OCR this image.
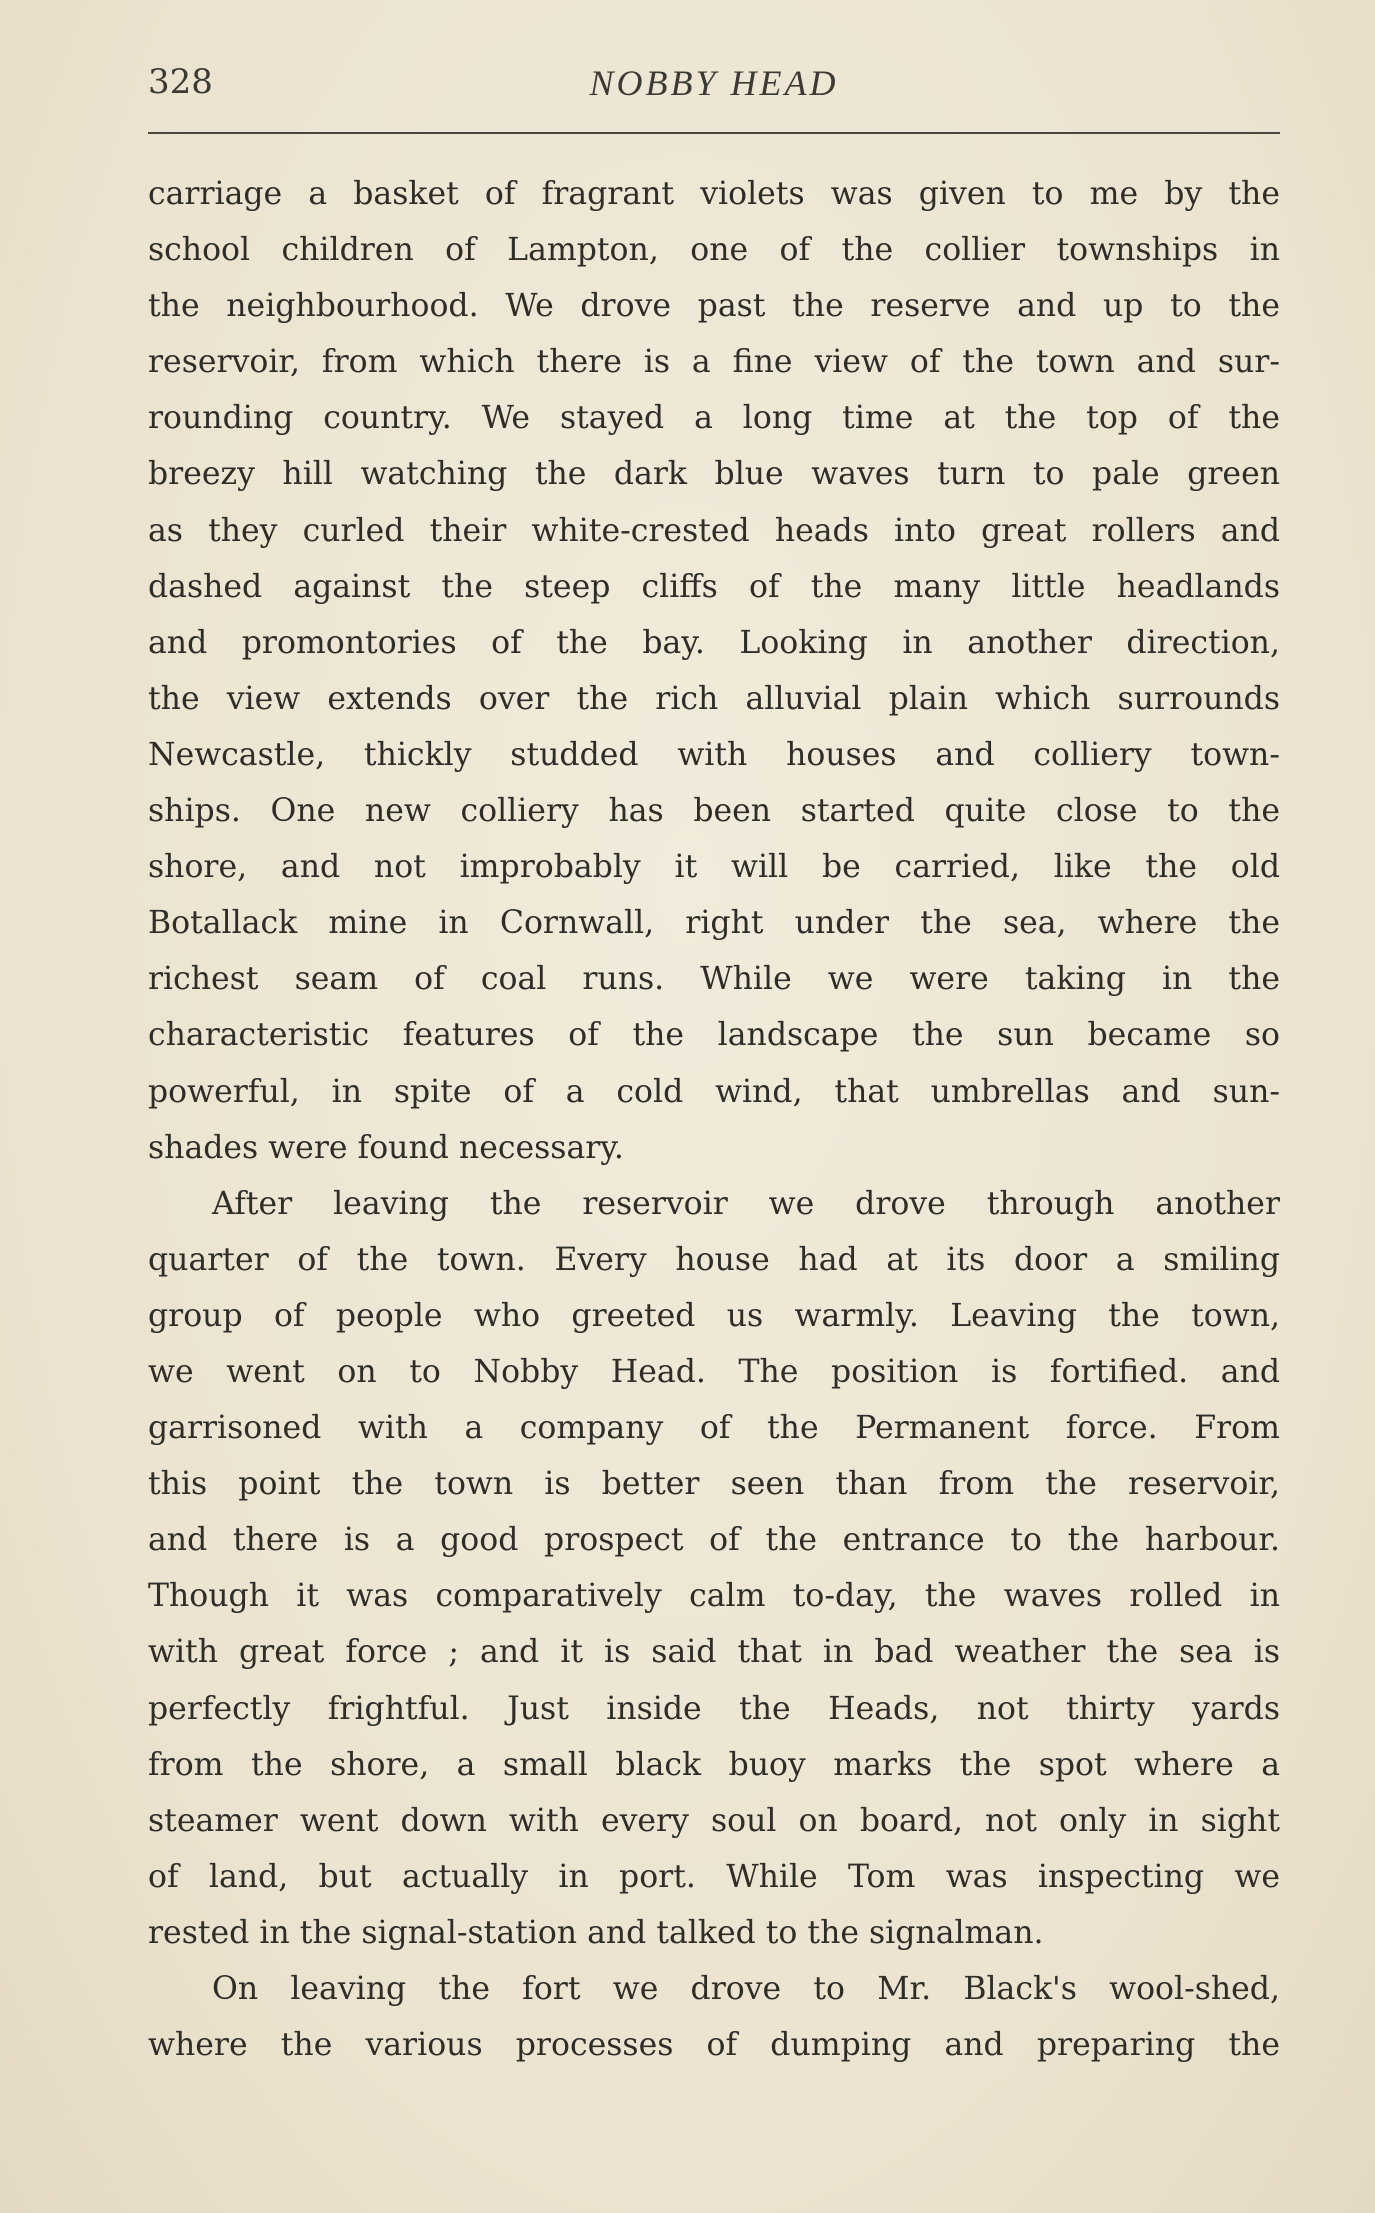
328	NOBBY HEAD
carriage a basket of fragrant violets was given to me by the
school children of Lampton, one of the collier townships in
the neighbourhood. We drove past the reserve and up to the
reservoir, from which there is a fine view of the town and sur-
rounding country. We stayed a long time at the top of the
breezy hill watching the dark blue waves turn to pale green
as they curled their white-crested heads into great rollers and
dashed against the steep cliffs of the many little headlands
and promontories of the bay. Looking in another direction,
the view extends over the rich alluvial plain which surrounds
Newcastle, thickly studded with houses and colliery town-
ships. One new colliery has been started quite close to the
shore, and not improbably it will be carried, like the old
Botallack mine in Cornwall, right under the sea, where the
richest seam of coal runs. While we were taking in the
characteristic features of the landscape the sun became so
powerful, in spite of a cold wind, that umbrellas and sun-
shades were found necessary.
After leaving the reservoir we drove through another
quarter of the town. Every house had at its door a smiling
group of people who greeted us warmly. Leaving the town,
we went on to Nobby Head. The position is fortified. and
garrisoned with a company of the Permanent force. From
this point the town is better seen than from the reservoir,
and there is a good prospect of the entrance to the harbour.
Though it was comparatively calm to-day, the waves rolled in
with great force ; and it is said that in bad weather the sea is
perfectly frightful. Just inside the Heads, not thirty yards
from the shore, a small black buoy marks the spot where a
steamer went down with every soul on board, not only in sight
of land, but actually in port. While Tom was inspecting we
rested in the signal-station and talked to the signalman.
On leaving the fort we drove to Mr. Black's wool-shed,
where the various processes of dumping and preparing the
